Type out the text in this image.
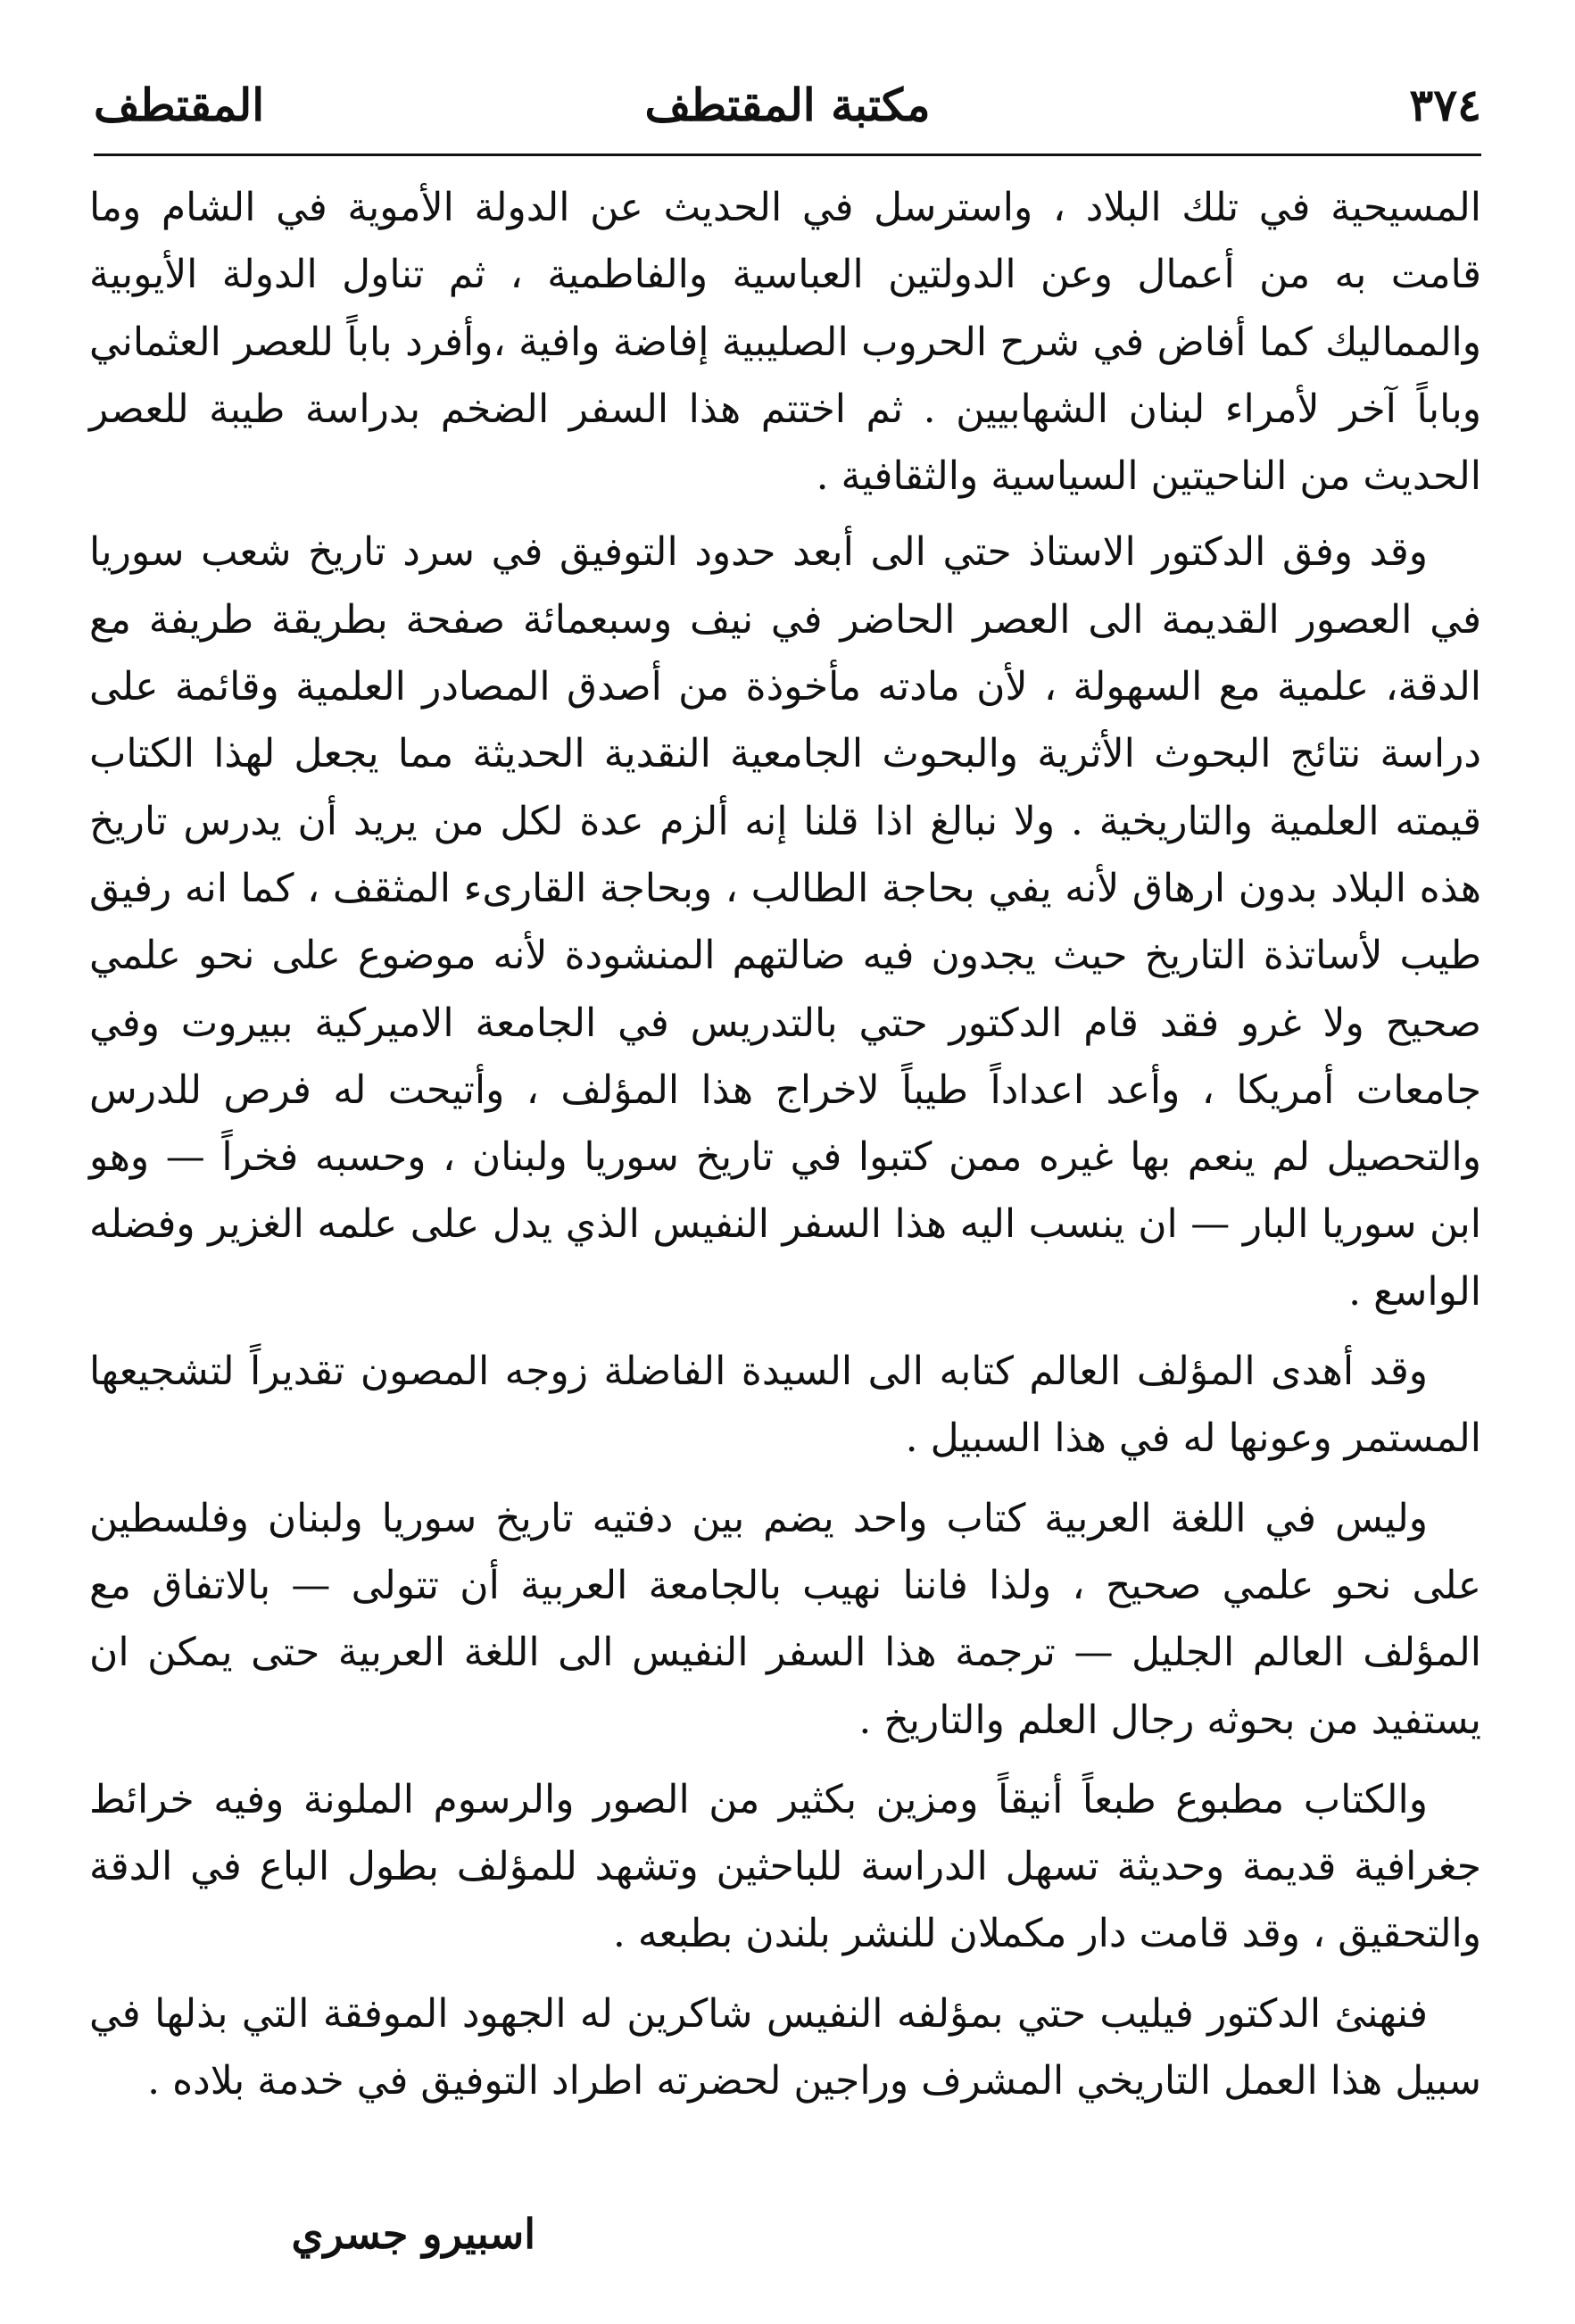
٣٧٤
مكتبة المقتطف
المقتطف

المسيحية في تلك البلاد ، واسترسل في الحديث عن الدولة الأموية في الشام وما قامت به من أعمال وعن الدولتين العباسية والفاطمية ، ثم تناول الدولة الأيوبية والمماليك كما أفاض في شرح الحروب الصليبية إفاضة وافية ،وأفرد باباً للعصر العثماني وباباً آخر لأمراء لبنان الشهابيين . ثم اختتم هذا السفر الضخم بدراسة طيبة للعصر الحديث من الناحيتين السياسية والثقافية .

وقد وفق الدكتور الاستاذ حتي الى أبعد حدود التوفيق في سرد تاريخ شعب سوريا في العصور القديمة الى العصر الحاضر في نيف وسبعمائة صفحة بطريقة طريفة مع الدقة، علمية مع السهولة ، لأن مادته مأخوذة من أصدق المصادر العلمية وقائمة على دراسة نتائج البحوث الأثرية والبحوث الجامعية النقدية الحديثة مما يجعل لهذا الكتاب قيمته العلمية والتاريخية . ولا نبالغ اذا قلنا إنه ألزم عدة لكل من يريد أن يدرس تاريخ هذه البلاد بدون ارهاق لأنه يفي بحاجة الطالب ، وبحاجة القارىء المثقف ، كما انه رفيق طيب لأساتذة التاريخ حيث يجدون فيه ضالتهم المنشودة لأنه موضوع على نحو علمي صحيح ولا غرو فقد قام الدكتور حتي بالتدريس في الجامعة الاميركية ببيروت وفي جامعات أمريكا ، وأعد اعداداً طيباً لاخراج هذا المؤلف ، وأتيحت له فرص للدرس والتحصيل لم ينعم بها غيره ممن كتبوا في تاريخ سوريا ولبنان ، وحسبه فخراً — وهو ابن سوريا البار — ان ينسب اليه هذا السفر النفيس الذي يدل على علمه الغزير وفضله الواسع .

وقد أهدى المؤلف العالم كتابه الى السيدة الفاضلة زوجه المصون تقديراً لتشجيعها المستمر وعونها له في هذا السبيل .

وليس في اللغة العربية كتاب واحد يضم بين دفتيه تاريخ سوريا ولبنان وفلسطين على نحو علمي صحيح ، ولذا فاننا نهيب بالجامعة العربية أن تتولى — بالاتفاق مع المؤلف العالم الجليل — ترجمة هذا السفر النفيس الى اللغة العربية حتى يمكن ان يستفيد من بحوثه رجال العلم والتاريخ .

والكتاب مطبوع طبعاً أنيقاً ومزين بكثير من الصور والرسوم الملونة وفيه خرائط جغرافية قديمة وحديثة تسهل الدراسة للباحثين وتشهد للمؤلف بطول الباع في الدقة والتحقيق ، وقد قامت دار مكملان للنشر بلندن بطبعه .

فنهنئ الدكتور فيليب حتي بمؤلفه النفيس شاكرين له الجهود الموفقة التي بذلها في سبيل هذا العمل التاريخي المشرف وراجين لحضرته اطراد التوفيق في خدمة بلاده .

اسبيرو جسري
